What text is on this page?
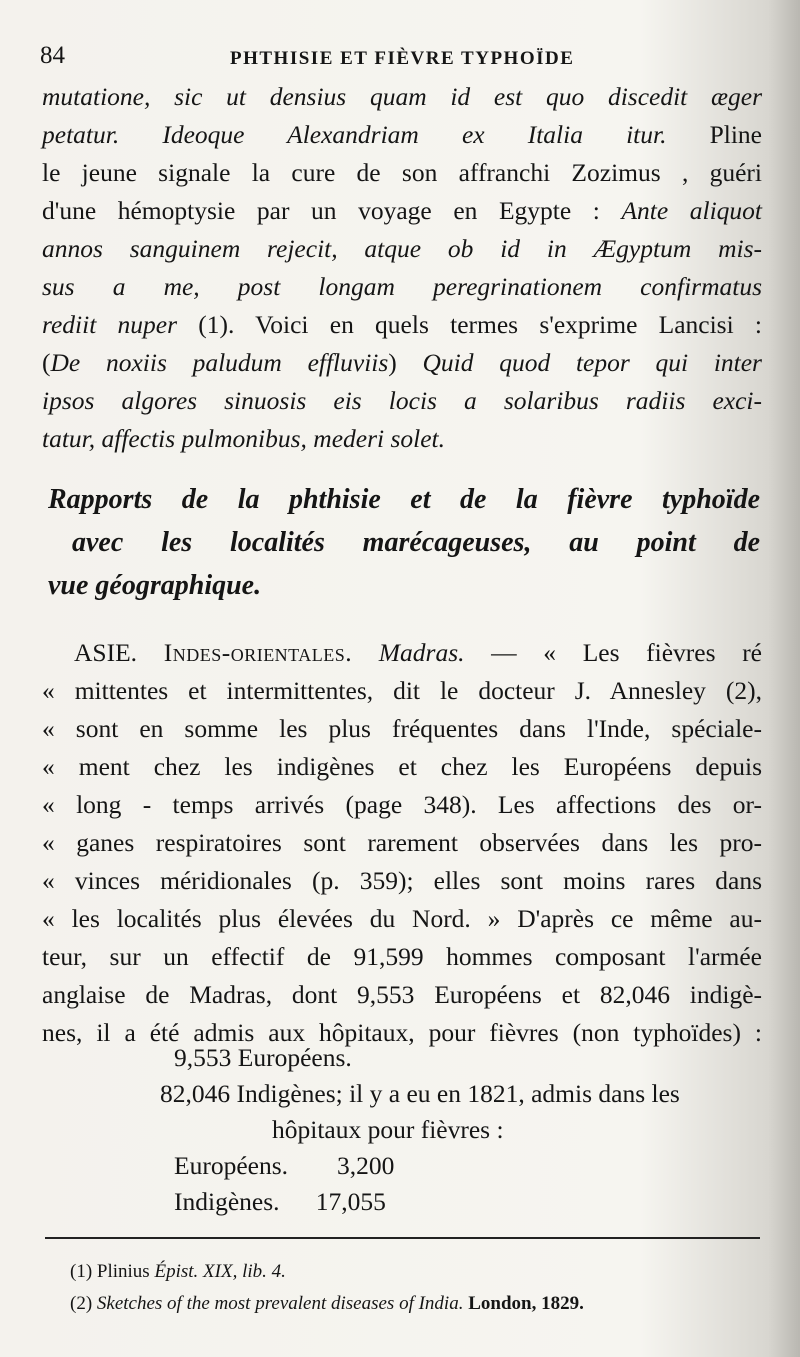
84	PHTHISIE ET FIÈVRE TYPHOÏDE
mutatione, sic ut densius quam id est quo discedit æger
petatur. Ideoque Alexandriam ex Italia itur. Pline
le jeune signale la cure de son affranchi Zozimus , guéri
d'une hémoptysie par un voyage en Egypte : Ante aliquot
annos sanguinem rejecit, atque ob id in Ægyptum mis-
sus a me, post longam peregrinationem confirmatus
rediit nuper (1). Voici en quels termes s'exprime Lancisi :
(De noxiis paludum effluviis) Quid quod tepor qui inter
ipsos algores sinuosis eis locis a solaribus radiis exci-
tatur, affectis pulmonibus, mederi solet.
Rapports de la phthisie et de la fièvre typhoïde
avec les localités marécageuses, au point de
vue géographique.
ASIE. Indes-orientales. Madras. — « Les fièvres ré
« mittentes et intermittentes, dit le docteur J. Annesley (2),
« sont en somme les plus fréquentes dans l'Inde, spéciale-
« ment chez les indigènes et chez les Européens depuis
« long - temps arrivés (page 348). Les affections des or-
« ganes respiratoires sont rarement observées dans les pro-
« vinces méridionales (p. 359); elles sont moins rares dans
« les localités plus élevées du Nord. » D'après ce même au-
teur, sur un effectif de 91,599 hommes composant l'armée
anglaise de Madras, dont 9,553 Européens et 82,046 indigè-
nes, il a été admis aux hôpitaux, pour fièvres (non typhoïdes) :
9,553 Européens.
82,046 Indigènes; il y a eu en 1821, admis dans les
hôpitaux pour fièvres :
Européens. 3,200
Indigènes. 17,055
(1) Plinius Épist. XIX, lib. 4.
(2) Sketches of the most prevalent diseases of India. London, 1829.
